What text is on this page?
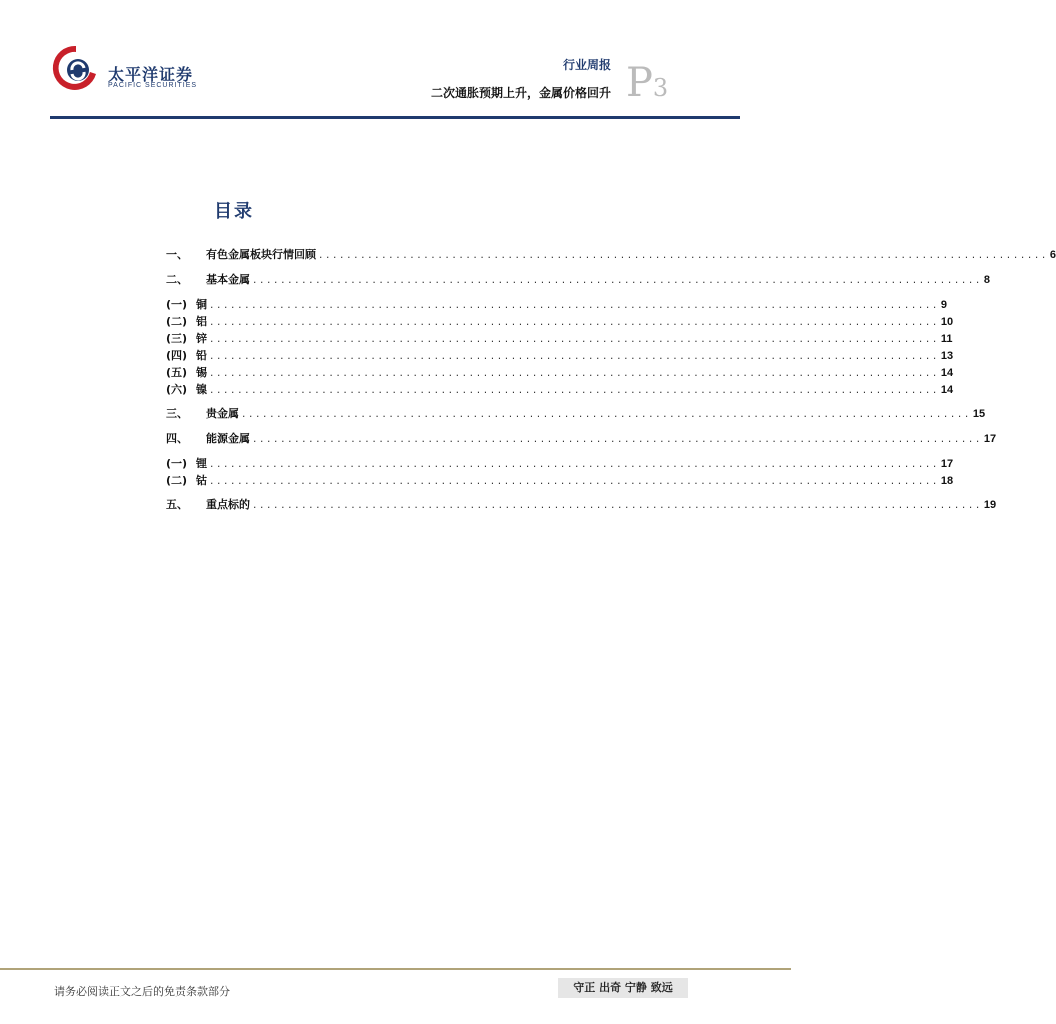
太平洋证券
PACIFIC SECURITIES
行业周报
二次通胀预期上升，金属价格回升 P3
目录
一、	有色金属板块行情回顾 ........................................................................................................ 6
二、	基本金属 ........................................................................................................ 8
(一) 铜 ........................................................................................................ 9
(二) 铝 ........................................................................................................ 10
(三) 锌 ........................................................................................................ 11
(四) 铅 ........................................................................................................ 13
(五) 锡 ........................................................................................................ 14
(六) 镍 ........................................................................................................ 14
三、	贵金属 ........................................................................................................ 15
四、	能源金属 ........................................................................................................ 17
(一) 锂 ........................................................................................................ 17
(二) 钴 ........................................................................................................ 18
五、	重点标的 ........................................................................................................ 19
请务必阅读正文之后的免责条款部分	守正 出奇 宁静 致远
